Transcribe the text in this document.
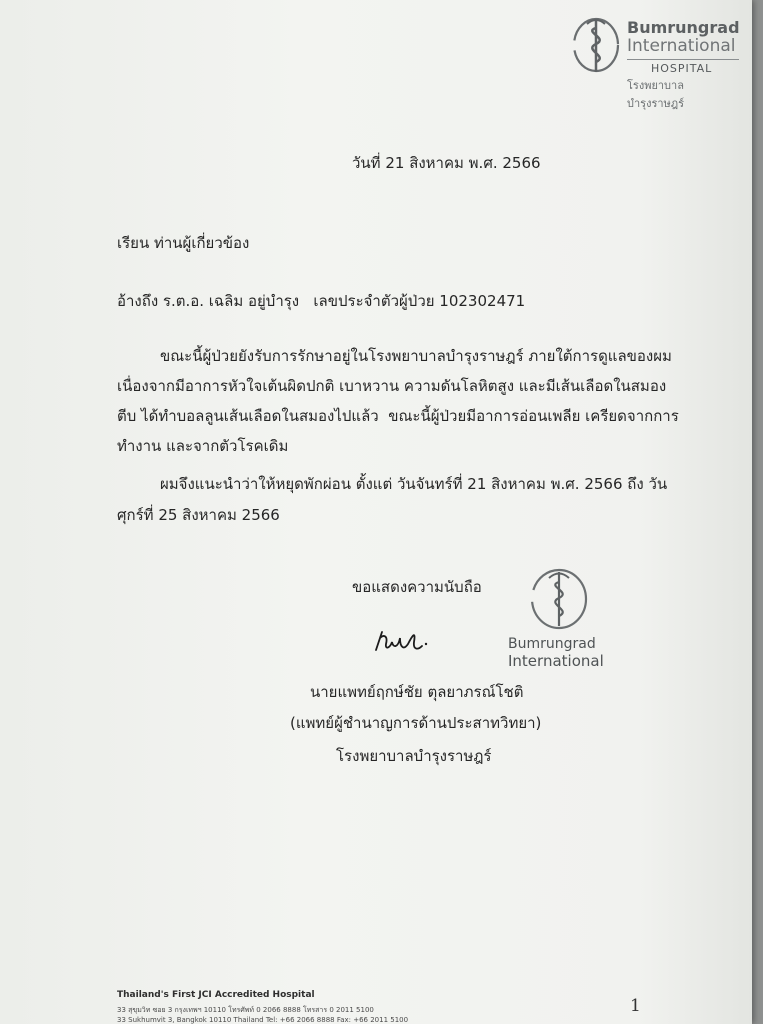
Bumrungrad
International
HOSPITAL
โรงพยาบาลบำรุงราษฎร์
วันที่ 21 สิงหาคม พ.ศ. 2566
เรียน ท่านผู้เกี่ยวข้อง
อ้างถึง ร.ต.อ. เฉลิม อยู่บำรุง   เลขประจำตัวผู้ป่วย 102302471
ขณะนี้ผู้ป่วยยังรับการรักษาอยู่ในโรงพยาบาลบำรุงราษฎร์ ภายใต้การดูแลของผม
เนื่องจากมีอาการหัวใจเต้นผิดปกติ เบาหวาน ความดันโลหิตสูง และมีเส้นเลือดในสมอง
ตีบ ได้ทำบอลลูนเส้นเลือดในสมองไปแล้ว  ขณะนี้ผู้ป่วยมีอาการอ่อนเพลีย เครียดจากการ
ทำงาน และจากตัวโรคเดิม
ผมจึงแนะนำว่าให้หยุดพักผ่อน ตั้งแต่ วันจันทร์ที่ 21 สิงหาคม พ.ศ. 2566 ถึง วัน
ศุกร์ที่ 25 สิงหาคม 2566
ขอแสดงความนับถือ
Bumrungrad
International
นายแพทย์ฤกษ์ชัย ตุลยาภรณ์โชติ
(แพทย์ผู้ชำนาญการด้านประสาทวิทยา)
โรงพยาบาลบำรุงราษฎร์
Thailand's First JCI Accredited Hospital
33 สุขุมวิท ซอย 3 กรุงเทพฯ 10110 โทรศัพท์ 0 2066 8888 โทรสาร 0 2011 5100
33 Sukhumvit 3, Bangkok 10110 Thailand Tel: +66 2066 8888 Fax: +66 2011 5100
1
